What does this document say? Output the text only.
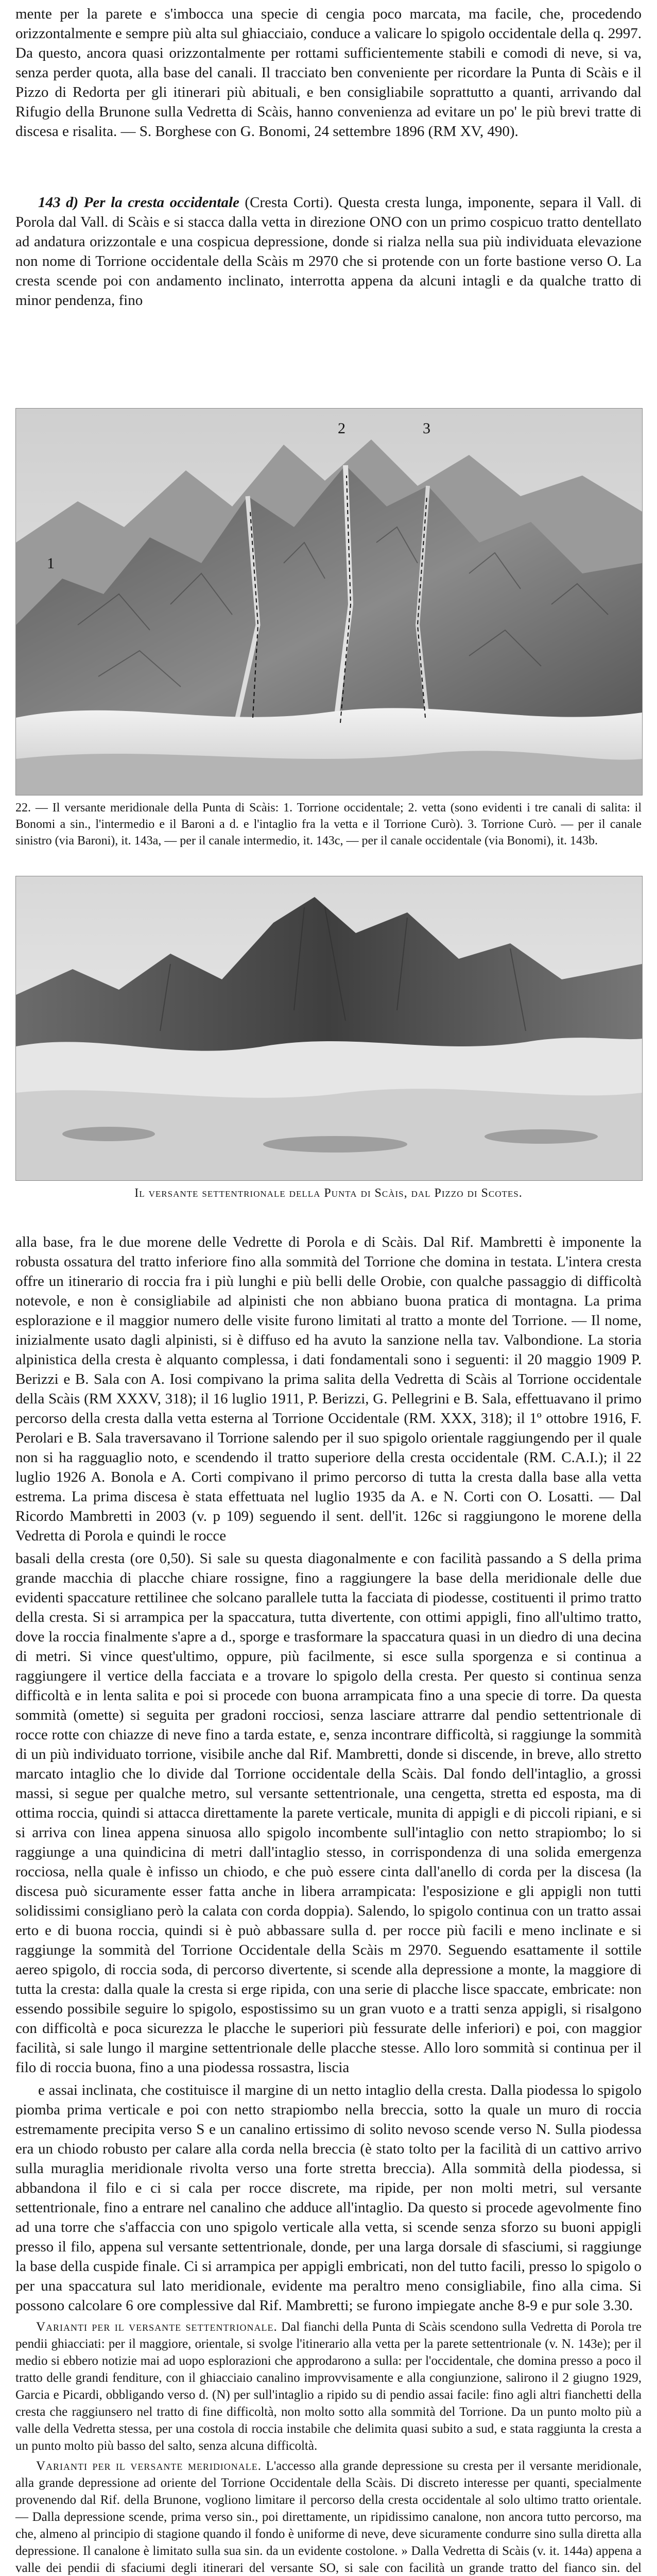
mente per la parete e s'imbocca una specie di cengia poco marcata, ma facile, che, procedendo orizzontalmente e sempre più alta sul ghiacciaio, conduce a valicare lo spigolo occidentale della q. 2997. Da questo, ancora quasi orizzontalmente per rottami sufficientemente stabili e comodi di neve, si va, senza perder quota, alla base del canali. Il tracciato ben conveniente per ricordare la Punta di Scàis e il Pizzo di Redorta per gli itinerari più abituali, e ben consigliabile soprattutto a quanti, arrivando dal Rifugio della Brunone sulla Vedretta di Scàis, hanno convenienza ad evitare un po' le più brevi tratte di discesa e risalita. — S. Borghese con G. Bonomi, 24 settembre 1896 (RM XV, 490).

143 d) Per la cresta occidentale (Cresta Corti). Questa cresta lunga, imponente, separa il Vall. di Porola dal Vall. di Scàis e si stacca dalla vetta in direzione ONO con un primo cospicuo tratto dentellato ad andatura orizzontale e una cospicua depressione, donde si rialza nella sua più individuata elevazione non nome di Torrione occidentale della Scàis m 2970 che si protende con un forte bastione verso O. La cresta scende poi con andamento inclinato, interrotta appena da alcuni intagli e da qualche tratto di minor pendenza, fino

2	3
1
22. — Il versante meridionale della Punta di Scàis: 1. Torrione occidentale; 2. vetta (sono evidenti i tre canali di salita: il Bonomi a sin., l'intermedio e il Baroni a d. e l'intaglio fra la vetta e il Torrione Curò). 3. Torrione Curò. — per il canale sinistro (via Baroni), it. 143a, — per il canale intermedio, it. 143c, — per il canale occidentale (via Bonomi), it. 143b.
Il versante settentrionale della Punta di Scàis, dal Pizzo di Scotes.

alla base, fra le due morene delle Vedrette di Porola e di Scàis. Dal Rif. Mambretti è imponente la robusta ossatura del tratto inferiore fino alla sommità del Torrione che domina in testata. L'intera cresta offre un itinerario di roccia fra i più lunghi e più belli delle Orobie, con qualche passaggio di difficoltà notevole, e non è consigliabile ad alpinisti che non abbiano buona pratica di montagna. La prima esplorazione e il maggior numero delle visite furono limitati al tratto a monte del Torrione. — Il nome, inizialmente usato dagli alpinisti, si è diffuso ed ha avuto la sanzione nella tav. Valbondione. La storia alpinistica della cresta è alquanto complessa, i dati fondamentali sono i seguenti: il 20 maggio 1909 P. Berizzi e B. Sala con A. Iosi compivano la prima salita della Vedretta di Scàis al Torrione occidentale della Scàis (RM XXXV, 318); il 16 luglio 1911, P. Berizzi, G. Pellegrini e B. Sala, effettuavano il primo percorso della cresta dalla vetta esterna al Torrione Occidentale (RM. XXX, 318); il 1º ottobre 1916, F. Perolari e B. Sala traversavano il Torrione salendo per il suo spigolo orientale raggiungendo per il quale non si ha ragguaglio noto, e scendendo il tratto superiore della cresta occidentale (RM. C.A.I.); il 22 luglio 1926 A. Bonola e A. Corti compivano il primo percorso di tutta la cresta dalla base alla vetta estrema. La prima discesa è stata effettuata nel luglio 1935 da A. e N. Corti con O. Losatti. — Dal Ricordo Mambretti in 2003 (v. p 109) seguendo il sent. dell'it. 126c si raggiungono le morene della Vedretta di Porola e quindi le rocce

basali della cresta (ore 0,50). Si sale su questa diagonalmente e con facilità passando a S della prima grande macchia di placche chiare rossigne, fino a raggiungere la base della meridionale delle due evidenti spaccature rettilinee che solcano parallele tutta la facciata di piodesse, costituenti il primo tratto della cresta. Si si arrampica per la spaccatura, tutta divertente, con ottimi appigli, fino all'ultimo tratto, dove la roccia finalmente s'apre a d., sporge e trasformare la spaccatura quasi in un diedro di una decina di metri. Si vince quest'ultimo, oppure, più facilmente, si esce sulla sporgenza e si continua a raggiungere il vertice della facciata e a trovare lo spigolo della cresta. Per questo si continua senza difficoltà e in lenta salita e poi si procede con buona arrampicata fino a una specie di torre. Da questa sommità (omette) si seguita per gradoni rocciosi, senza lasciare attrarre dal pendio settentrionale di rocce rotte con chiazze di neve fino a tarda estate, e, senza incontrare difficoltà, si raggiunge la sommità di un più individuato torrione, visibile anche dal Rif. Mambretti, donde si discende, in breve, allo stretto marcato intaglio che lo divide dal Torrione occidentale della Scàis. Dal fondo dell'intaglio, a grossi massi, si segue per qualche metro, sul versante settentrionale, una cengetta, stretta ed esposta, ma di ottima roccia, quindi si attacca direttamente la parete verticale, munita di appigli e di piccoli ripiani, e si si arriva con linea appena sinuosa allo spigolo incombente sull'intaglio con netto strapiombo; lo si raggiunge a una quindicina di metri dall'intaglio stesso, in corrispondenza di una solida emergenza rocciosa, nella quale è infisso un chiodo, e che può essere cinta dall'anello di corda per la discesa (la discesa può sicuramente esser fatta anche in libera arrampicata: l'esposizione e gli appigli non tutti solidissimi consigliano però la calata con corda doppia). Salendo, lo spigolo continua con un tratto assai erto e di buona roccia, quindi si è può abbassare sulla d. per rocce più facili e meno inclinate e si raggiunge la sommità del Torrione Occidentale della Scàis m 2970. Seguendo esattamente il sottile aereo spigolo, di roccia soda, di percorso divertente, si scende alla depressione a monte, la maggiore di tutta la cresta: dalla quale la cresta si erge ripida, con una serie di placche lisce spaccate, embricate: non essendo possibile seguire lo spigolo, espostissimo su un gran vuoto e a tratti senza appigli, si risalgono con difficoltà e poca sicurezza le placche le superiori più fessurate delle inferiori) e poi, con maggior facilità, si sale lungo il margine settentrionale delle placche stesse. Allo loro sommità si continua per il filo di roccia buona, fino a una piodessa rossastra, liscia

e assai inclinata, che costituisce il margine di un netto intaglio della cresta. Dalla piodessa lo spigolo piomba prima verticale e poi con netto strapiombo nella breccia, sotto la quale un muro di roccia estremamente precipita verso S e un canalino ertissimo di solito nevoso scende verso N. Sulla piodessa era un chiodo robusto per calare alla corda nella breccia (è stato tolto per la facilità di un cattivo arrivo sulla muraglia meridionale rivolta verso una forte stretta breccia). Alla sommità della piodessa, si abbandona il filo e ci si cala per rocce discrete, ma ripide, per non molti metri, sul versante settentrionale, fino a entrare nel canalino che adduce all'intaglio. Da questo si procede agevolmente fino ad una torre che s'affaccia con uno spigolo verticale alla vetta, si scende senza sforzo su buoni appigli presso il filo, appena sul versante settentrionale, donde, per una larga dorsale di sfasciumi, si raggiunge la base della cuspide finale. Ci si arrampica per appigli embricati, non del tutto facili, presso lo spigolo o per una spaccatura sul lato meridionale, evidente ma peraltro meno consigliabile, fino alla cima. Si possono calcolare 6 ore complessive dal Rif. Mambretti; se furono impiegate anche 8-9 e pur sole 3.30.

Varianti per il versante settentrionale. Dal fianchi della Punta di Scàis scendono sulla Vedretta di Porola tre pendii ghiacciati: per il maggiore, orientale, si svolge l'itinerario alla vetta per la parete settentrionale (v. N. 143e); per il medio si ebbero notizie mai ad uopo esplorazioni che approdarono a sulla: per l'occidentale, che domina presso a poco il tratto delle grandi fenditure, con il ghiacciaio canalino improvvisamente e alla congiunzione, salirono il 2 giugno 1929, Garcia e Picardi, obbligando verso d. (N) per sull'intaglio a ripido su di pendio assai facile: fino agli altri fianchetti della cresta che raggiunsero nel tratto di fine difficoltà, non molto sotto alla sommità del Torrione. Da un punto molto più a valle della Vedretta stessa, per una costola di roccia instabile che delimita quasi subito a sud, e stata raggiunta la cresta a un punto molto più basso del salto, senza alcuna difficoltà.

Varianti per il versante meridionale. L'accesso alla grande depressione su cresta per il versante meridionale, alla grande depressione ad oriente del Torrione Occidentale della Scàis. Di discreto interesse per quanti, specialmente provenendo dal Rif. della Brunone, vogliono limitare il percorso della cresta occidentale al solo ultimo tratto orientale. — Dalla depressione scende, prima verso sin., poi direttamente, un ripidissimo canalone, non ancora tutto percorso, ma che, almeno al principio di stagione quando il fondo è uniforme di neve, deve sicuramente condurre sino sulla diretta alla depressione. Il canalone è limitato sulla sua sin. da un evidente costolone. » Dalla Vedretta di Scàis (v. it. 144a) appena a valle dei pendii di sfaciumi degli itinerari del versante SO, si sale con facilità un grande tratto del fianco sin. del
